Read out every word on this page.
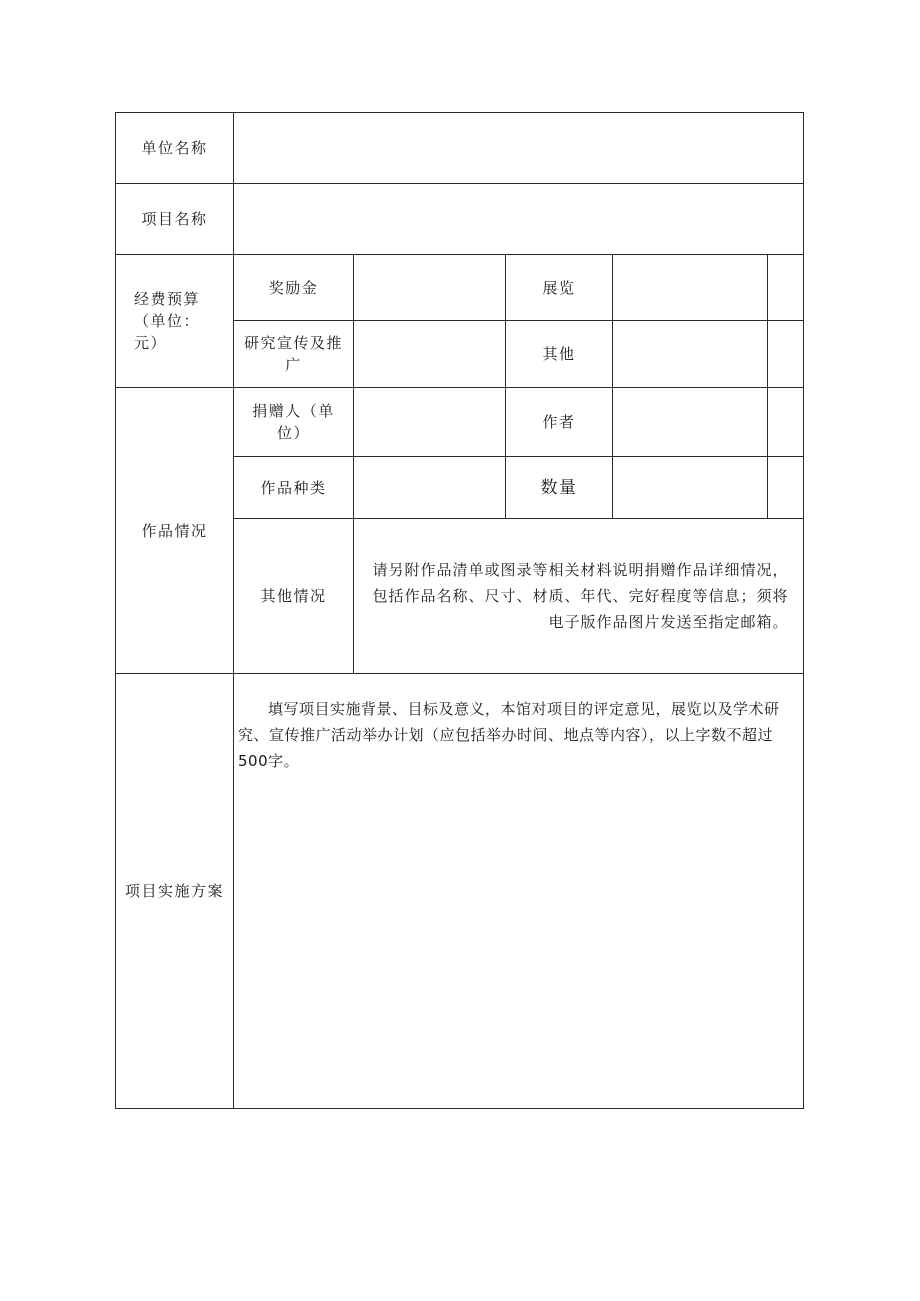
单位名称
项目名称
经费预算（单位：元）
奖励金	展览
研究宣传及推广
其他
作品情况
捐赠人（单位）
作者
作品种类	数量
其他情况
请另附作品清单或图录等相关材料说明捐赠作品详细情况，包括作品名称、尺寸、材质、年代、完好程度等信息；须将电子版作品图片发送至指定邮箱。
项目实施方案
填写项目实施背景、目标及意义，本馆对项目的评定意见，展览以及学术研究、宣传推广活动举办计划（应包括举办时间、地点等内容），以上字数不超过500字。
